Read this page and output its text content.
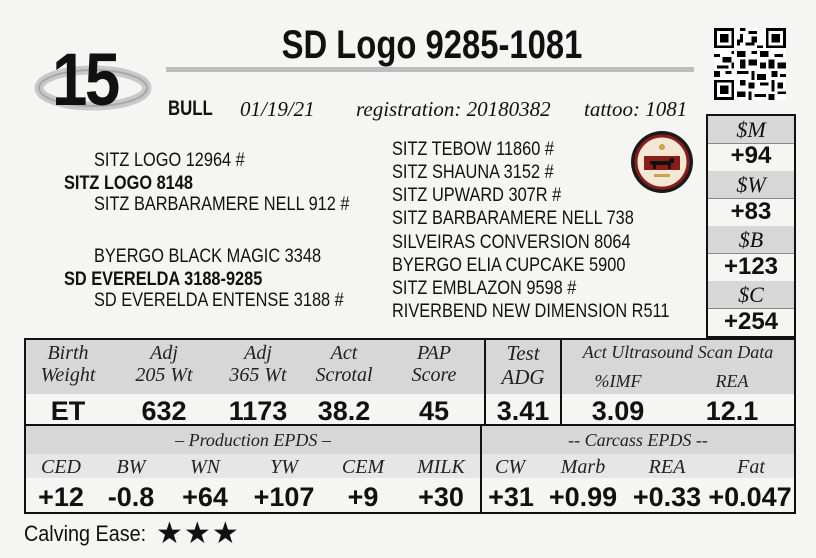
15	SD Logo 9285-1081
BULL 01/19/21 registration: 20180382 tattoo: 1081
SITZ LOGO 12964 #
SITZ LOGO 8148
SITZ BARBARAMERE NELL 912 #
BYERGO BLACK MAGIC 3348
SD EVERELDA 3188-9285
SD EVERELDA ENTENSE 3188 #
SITZ TEBOW 11860 #
SITZ SHAUNA 3152 #
SITZ UPWARD 307R #
SITZ BARBARAMERE NELL 738
SILVEIRAS CONVERSION 8064
BYERGO ELIA CUPCAKE 5900
SITZ EMBLAZON 9598 #
RIVERBEND NEW DIMENSION R511
$M
+94
$W
+83
$B
+123
$C
+254
Birth
Weight
ET
Adj
205 Wt
632
Adj
365 Wt
1173
Act
Scrotal
38.2
PAP
Score
45
Test
ADG
3.41
Act Ultrasound Scan Data
%IMF
3.09
REA
12.1
– Production EPDS –	-- Carcass EPDS --
CED
+12
BW
-0.8
WN
+64
YW
+107
CEM
+9
MILK
+30
CW
+31
Marb
+0.99
REA
+0.33
Fat
+0.047
Calving Ease: ★★★
